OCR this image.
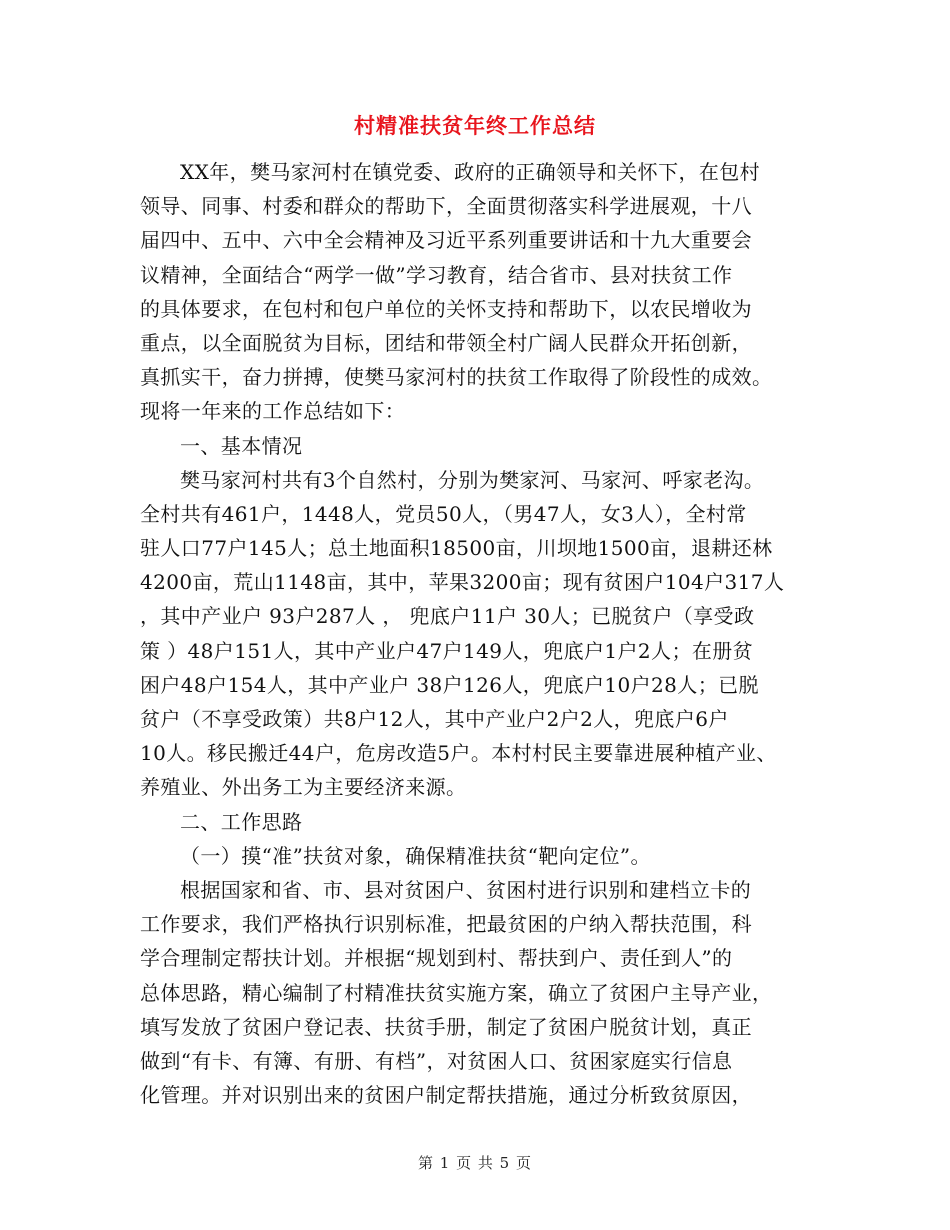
村精准扶贫年终工作总结
XX年，樊马家河村在镇党委、政府的正确领导和关怀下，在包村
领导、同事、村委和群众的帮助下，全面贯彻落实科学进展观，十八
届四中、五中、六中全会精神及习近平系列重要讲话和十九大重要会
议精神，全面结合“两学一做”学习教育，结合省市、县对扶贫工作
的具体要求，在包村和包户单位的关怀支持和帮助下，以农民增收为
重点，以全面脱贫为目标，团结和带领全村广阔人民群众开拓创新，
真抓实干，奋力拼搏，使樊马家河村的扶贫工作取得了阶段性的成效。
现将一年来的工作总结如下：
一、基本情况
樊马家河村共有3个自然村，分别为樊家河、马家河、呼家老沟。
全村共有461户，1448人，党员50人，（男47人，女3人），全村常
驻人口77户145人；总土地面积18500亩，川坝地1500亩，退耕还林
4200亩，荒山1148亩，其中，苹果3200亩；现有贫困户104户317人
，其中产业户 93户287人 ， 兜底户11户 30人；已脱贫户（享受政
策 ）48户151人，其中产业户47户149人，兜底户1户2人；在册贫
困户48户154人，其中产业户 38户126人，兜底户10户28人；已脱
贫户（不享受政策）共8户12人，其中产业户2户2人，兜底户6户
10人。移民搬迁44户，危房改造5户。本村村民主要靠进展种植产业、
养殖业、外出务工为主要经济来源。
二、工作思路
（一）摸“准”扶贫对象，确保精准扶贫“靶向定位”。
根据国家和省、市、县对贫困户、贫困村进行识别和建档立卡的
工作要求，我们严格执行识别标准，把最贫困的户纳入帮扶范围，科
学合理制定帮扶计划。并根据“规划到村、帮扶到户、责任到人”的
总体思路，精心编制了村精准扶贫实施方案，确立了贫困户主导产业，
填写发放了贫困户登记表、扶贫手册，制定了贫困户脱贫计划，真正
做到“有卡、有簿、有册、有档”，对贫困人口、贫困家庭实行信息
化管理。并对识别出来的贫困户制定帮扶措施，通过分析致贫原因，
第 1 页 共 5 页
